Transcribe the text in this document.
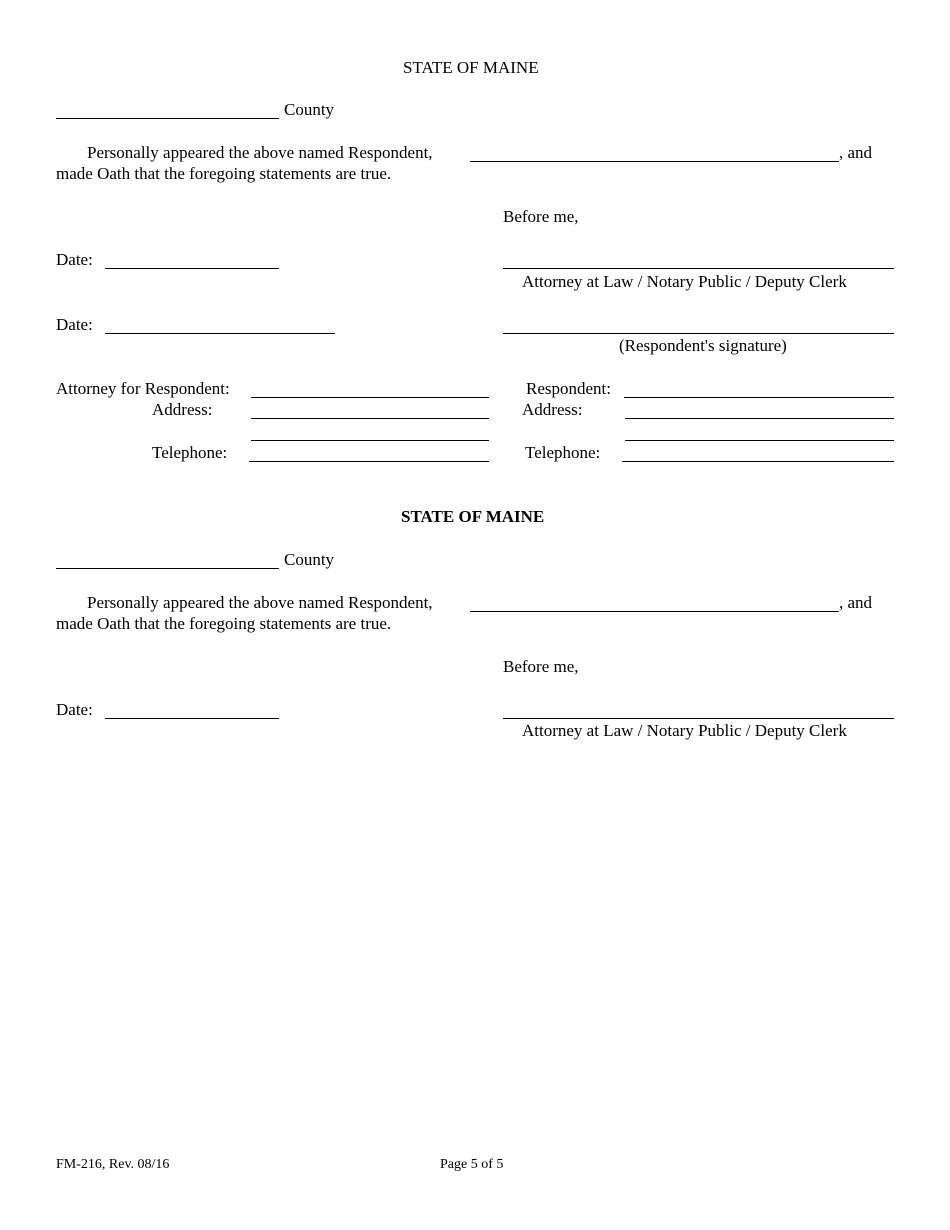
STATE OF MAINE
County
Personally appeared the above named Respondent,	, and
made Oath that the foregoing statements are true.
Before me,
Date:
Attorney at Law / Notary Public / Deputy Clerk
Date:
(Respondent's signature)
Attorney for Respondent:
Address:
Telephone:
Respondent:
Address:
Telephone:
STATE OF MAINE
County
Personally appeared the above named Respondent,	, and
made Oath that the foregoing statements are true.
Before me,
Date:
Attorney at Law / Notary Public / Deputy Clerk
FM-216, Rev. 08/16	Page 5 of 5
